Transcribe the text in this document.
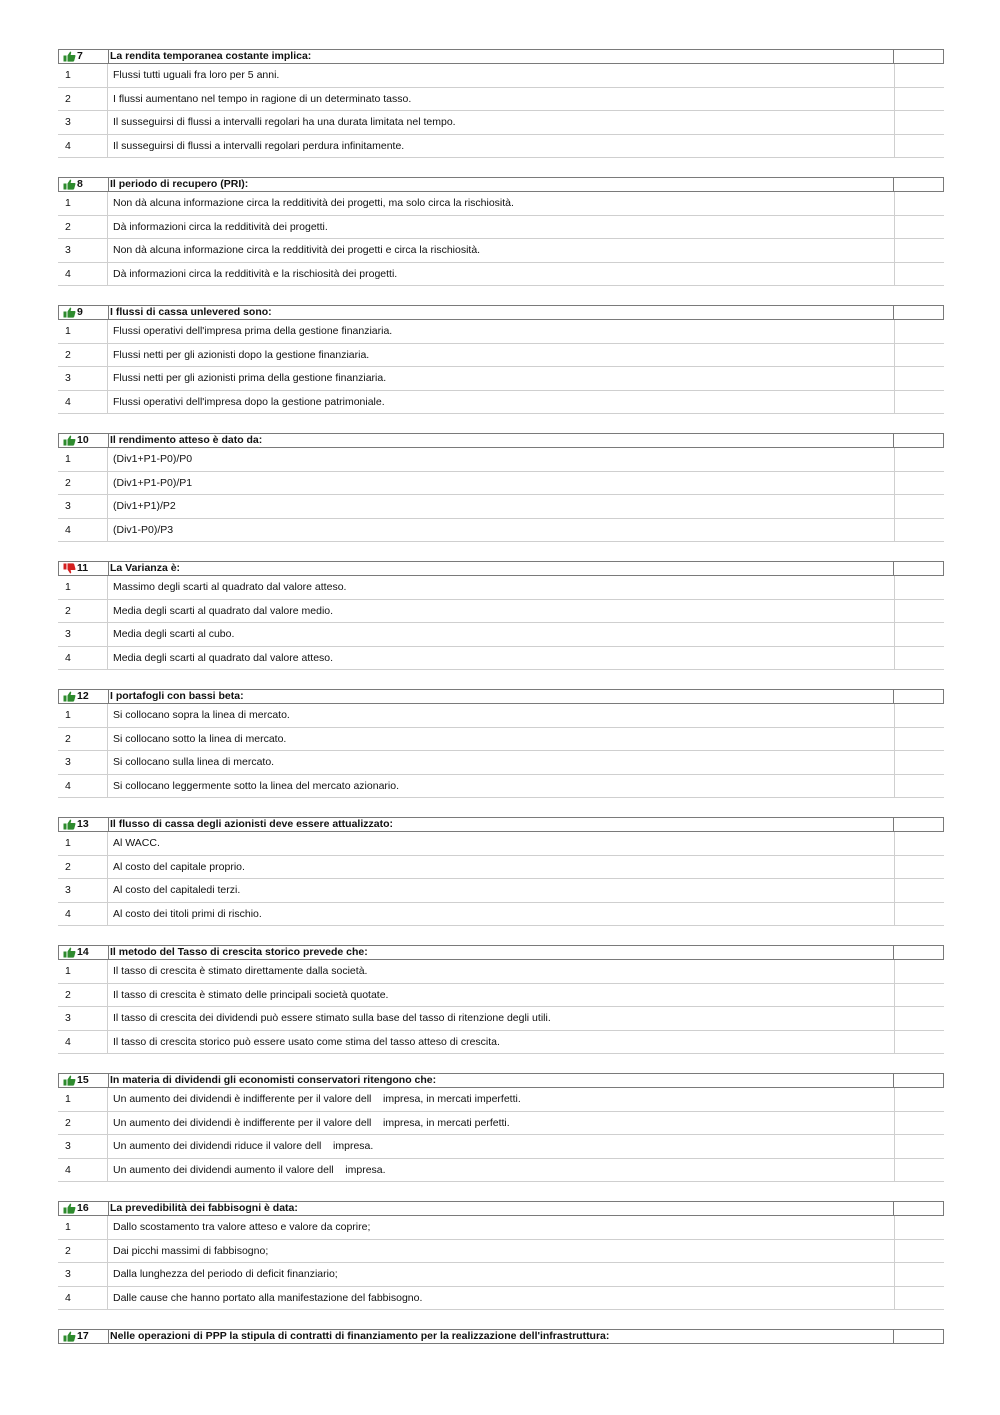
7	La rendita temporanea costante implica:
1	Flussi tutti uguali fra loro per 5 anni.
2	I flussi aumentano nel tempo in ragione di un determinato tasso.
3	Il susseguirsi di flussi a intervalli regolari ha una durata limitata nel tempo.
4	Il susseguirsi di flussi a intervalli regolari perdura infinitamente.
8	Il periodo di recupero (PRI):
1	Non dà alcuna informazione circa la redditività dei progetti, ma solo circa la rischiosità.
2	Dà informazioni circa la redditività dei progetti.
3	Non dà alcuna informazione circa la redditività dei progetti e circa la rischiosità.
4	Dà informazioni circa la redditività e la rischiosità dei progetti.
9	I flussi di cassa unlevered sono:
1	Flussi operativi dell'impresa prima della gestione finanziaria.
2	Flussi netti per gli azionisti dopo la gestione finanziaria.
3	Flussi netti per gli azionisti prima della gestione finanziaria.
4	Flussi operativi dell'impresa dopo la gestione patrimoniale.
10 Il rendimento atteso è dato da:
1	(Div1+P1-P0)/P0
2	(Div1+P1-P0)/P1
3	(Div1+P1)/P2
4	(Div1-P0)/P3
11 La Varianza è:
1	Massimo degli scarti al quadrato dal valore atteso.
2	Media degli scarti al quadrato dal valore medio.
3	Media degli scarti al cubo.
4	Media degli scarti al quadrato dal valore atteso.
12 I portafogli con bassi beta:
1	Si collocano sopra la linea di mercato.
2	Si collocano sotto la linea di mercato.
3	Si collocano sulla linea di mercato.
4	Si collocano leggermente sotto la linea del mercato azionario.
13 Il flusso di cassa degli azionisti deve essere attualizzato:
1	Al WACC.
2	Al costo del capitale proprio.
3	Al costo del capitaledi terzi.
4	Al costo dei titoli primi di rischio.
14 Il metodo del Tasso di crescita storico prevede che:
1	Il tasso di crescita è stimato direttamente dalla società.
2	Il tasso di crescita è stimato delle principali società quotate.
3	Il tasso di crescita dei dividendi può essere stimato sulla base del tasso di ritenzione degli utili.
4	Il tasso di crescita storico può essere usato come stima del tasso atteso di crescita.
15 In materia di dividendi gli economisti conservatori ritengono che:
1	Un aumento dei dividendi è indifferente per il valore dell    impresa, in mercati imperfetti.
2	Un aumento dei dividendi è indifferente per il valore dell    impresa, in mercati perfetti.
3	Un aumento dei dividendi riduce il valore dell    impresa.
4	Un aumento dei dividendi aumento il valore dell    impresa.
16 La prevedibilità dei fabbisogni è data:
1	Dallo scostamento tra valore atteso e valore da coprire;
2	Dai picchi massimi di fabbisogno;
3	Dalla lunghezza del periodo di deficit finanziario;
4	Dalle cause che hanno portato alla manifestazione del fabbisogno.
17 Nelle operazioni di PPP la stipula di contratti di finanziamento per la realizzazione dell'infrastruttura:
